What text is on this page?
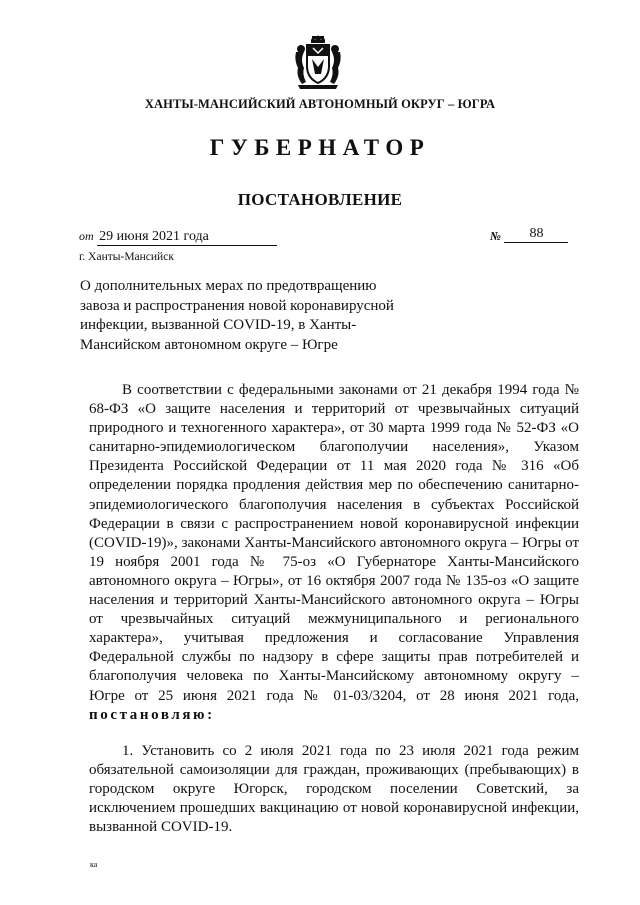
ХАНТЫ-МАНСИЙСКИЙ АВТОНОМНЫЙ ОКРУГ – ЮГРА
ГУБЕРНАТОР
ПОСТАНОВЛЕНИЕ
от 29 июня 2021 года	№ 88
г. Ханты-Мансийск
О дополнительных мерах по предотвращению завоза и распространения новой коронавирусной инфекции, вызванной COVID-19, в Ханты-Мансийском автономном округе – Югре

В соответствии с федеральными законами от 21 декабря 1994 года № 68-ФЗ «О защите населения и территорий от чрезвычайных ситуаций природного и техногенного характера», от 30 марта 1999 года № 52-ФЗ «О санитарно-эпидемиологическом благополучии населения», Указом Президента Российской Федерации от 11 мая 2020 года № 316 «Об определении порядка продления действия мер по обеспечению санитарно-эпидемиологического благополучия населения в субъектах Российской Федерации в связи с распространением новой коронавирусной инфекции (COVID-19)», законами Ханты-Мансийского автономного округа – Югры от 19 ноября 2001 года № 75-оз «О Губернаторе Ханты-Мансийского автономного округа – Югры», от 16 октября 2007 года № 135-оз «О защите населения и территорий Ханты-Мансийского автономного округа – Югры от чрезвычайных ситуаций межмуниципального и регионального характера», учитывая предложения и согласование Управления Федеральной службы по надзору в сфере защиты прав потребителей и благополучия человека по Ханты-Мансийскому автономному округу – Югре от 25 июня 2021 года № 01-03/3204, от 28 июня 2021 года, постановляю:

1. Установить со 2 июля 2021 года по 23 июля 2021 года режим обязательной самоизоляции для граждан, проживающих (пребывающих) в городском округе Югорск, городском поселении Советский, за исключением прошедших вакцинацию от новой коронавирусной инфекции, вызванной COVID-19.

ка
